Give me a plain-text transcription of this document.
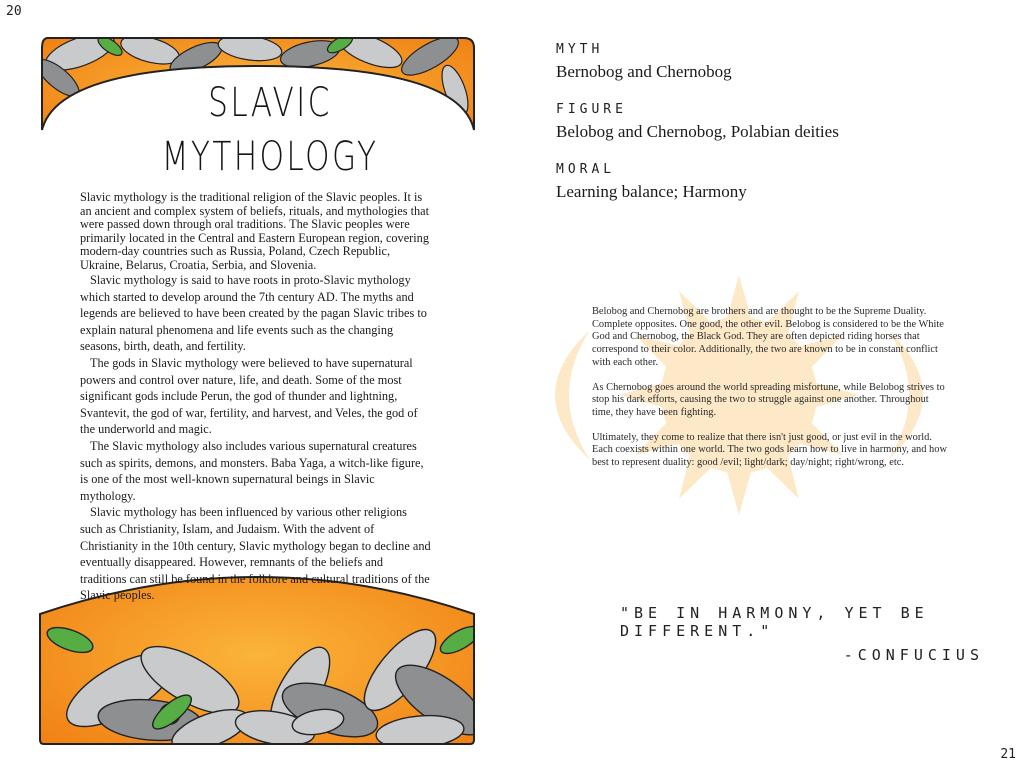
20
21
SLAVIC
MYTHOLOGY

Slavic mythology is the traditional religion of the Slavic peoples. It is an ancient and complex system of beliefs, rituals, and mythologies that were passed down through oral traditions. The Slavic peoples were primarily located in the Central and Eastern European region, covering modern-day countries such as Russia, Poland, Czech Republic, Ukraine, Belarus, Croatia, Serbia, and Slovenia.

Slavic mythology is said to have roots in proto-Slavic mythology which started to develop around the 7th century AD. The myths and legends are believed to have been created by the pagan Slavic tribes to explain natural phenomena and life events such as the changing seasons, birth, death, and fertility.

The gods in Slavic mythology were believed to have supernatural powers and control over nature, life, and death. Some of the most significant gods include Perun, the god of thunder and lightning, Svantevit, the god of war, fertility, and harvest, and Veles, the god of the underworld and magic.

The Slavic mythology also includes various supernatural creatures such as spirits, demons, and monsters. Baba Yaga, a witch-like figure, is one of the most well-known supernatural beings in Slavic mythology.

Slavic mythology has been influenced by various other religions such as Christianity, Islam, and Judaism. With the advent of Christianity in the 10th century, Slavic mythology began to decline and eventually disappeared. However, remnants of the beliefs and traditions can still be found in the folklore and cultural traditions of the Slavic peoples.

MYTH
Bernobog and Chernobog
FIGURE
Belobog and Chernobog, Polabian deities
MORAL
Learning balance; Harmony

Belobog and Chernobog are brothers and are thought to be the Supreme Duality. Complete opposites. One good, the other evil. Belobog is considered to be the White God and Chernobog, the Black God. They are often depicted riding horses that correspond to their color. Additionally, the two are known to be in constant conflict with each other.

As Chernobog goes around the world spreading misfortune, while Belobog strives to stop his dark efforts, causing the two to struggle against one another. Throughout time, they have been fighting.

Ultimately, they come to realize that there isn't just good, or just evil in the world. Each coexists within one world. The two gods learn how to live in harmony, and how best to represent duality: good /evil; light/dark; day/night; right/wrong, etc.

"BE IN HARMONY, YET BE DIFFERENT."
-CONFUCIUS
